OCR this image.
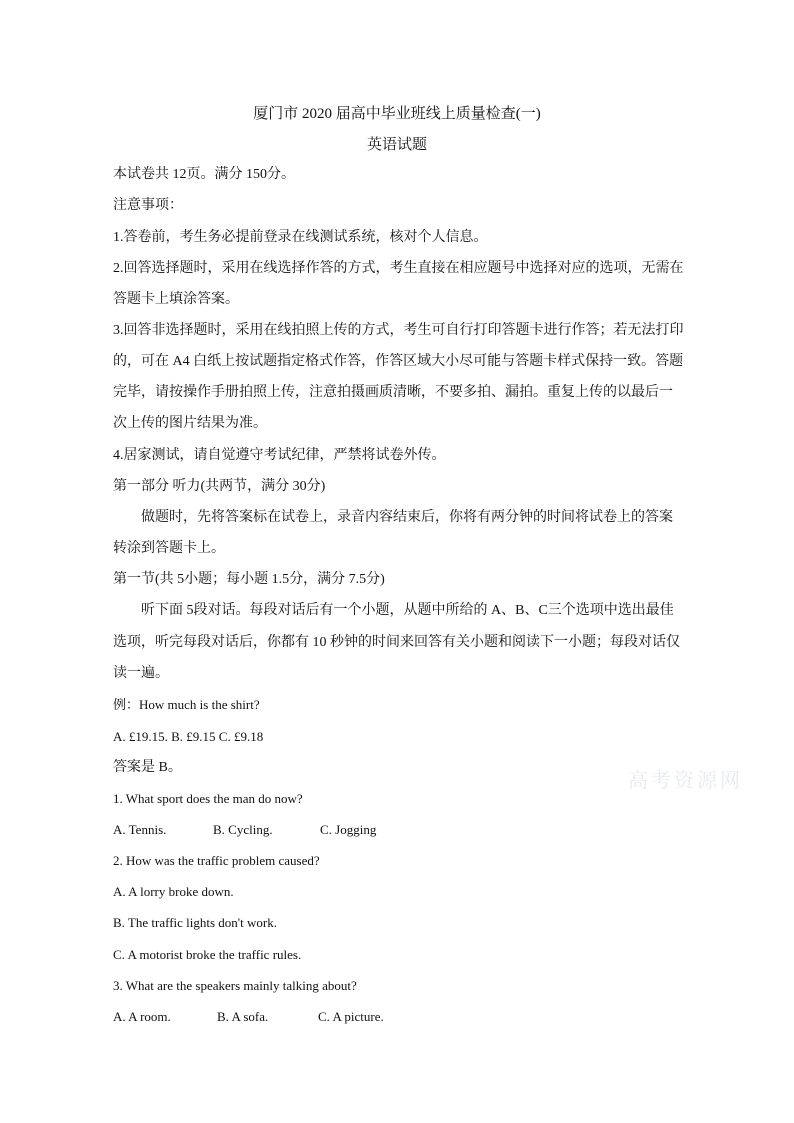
厦门市 2020 届高中毕业班线上质量检查(一)
英语试题
本试卷共 12页。满分 150分。
注意事项：
1.答卷前，考生务必提前登录在线测试系统，核对个人信息。
2.回答选择题时，采用在线选择作答的方式，考生直接在相应题号中选择对应的选项，无需在
答题卡上填涂答案。
3.回答非选择题时，采用在线拍照上传的方式，考生可自行打印答题卡进行作答；若无法打印
的，可在 A4 白纸上按试题指定格式作答，作答区域大小尽可能与答题卡样式保持一致。答题
完毕，请按操作手册拍照上传，注意拍摄画质清晰，不要多拍、漏拍。重复上传的以最后一
次上传的图片结果为准。
4.居家测试，请自觉遵守考试纪律，严禁将试卷外传。
第一部分 听力(共两节，满分 30分)
做题时，先将答案标在试卷上，录音内容结束后，你将有两分钟的时间将试卷上的答案
转涂到答题卡上。
第一节(共 5小题；每小题 1.5分，满分 7.5分)
听下面 5段对话。每段对话后有一个小题，从题中所给的 A、B、C三个选项中选出最佳
选项，听完每段对话后，你都有 10 秒钟的时间来回答有关小题和阅读下一小题；每段对话仅
读一遍。
例：How much is the shirt?
A. £19.15. B. £9.15 C. £9.18
答案是 B。
高考资源网
1. What sport does the man do now?
A. Tennis.	B. Cycling.	C. Jogging
2. How was the traffic problem caused?
A. A lorry broke down.
B. The traffic lights don't work.
C. A motorist broke the traffic rules.
3. What are the speakers mainly talking about?
A. A room.	B. A sofa.	C. A picture.
